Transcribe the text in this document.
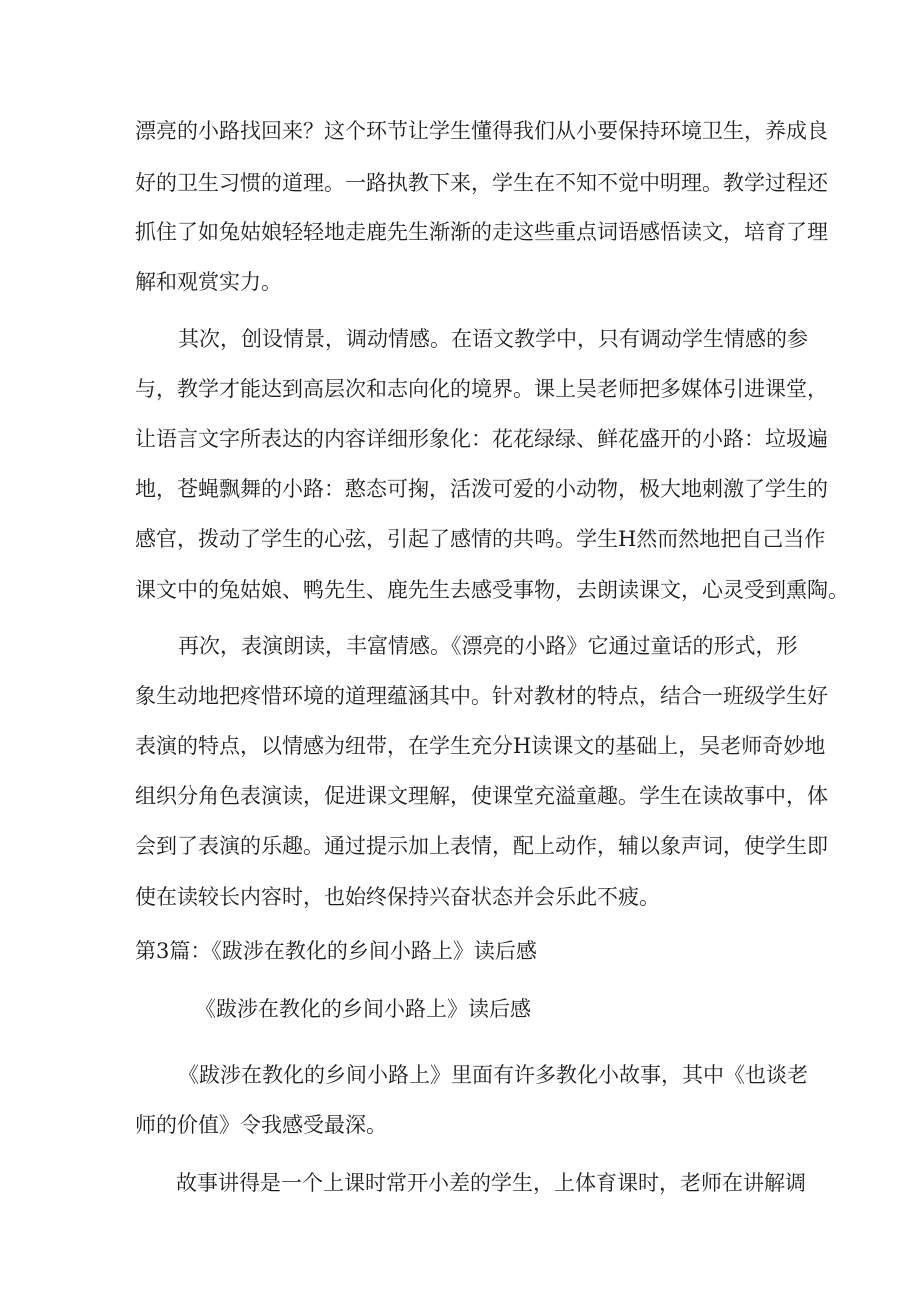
漂亮的小路找回来？这个环节让学生懂得我们从小要保持环境卫生，养成良
好的卫生习惯的道理。一路执教下来，学生在不知不觉中明理。教学过程还
抓住了如兔姑娘轻轻地走鹿先生渐渐的走这些重点词语感悟读文，培育了理
解和观赏实力。
其次，创设情景，调动情感。在语文教学中，只有调动学生情感的参
与，教学才能达到高层次和志向化的境界。课上吴老师把多媒体引进课堂，
让语言文字所表达的内容详细形象化：花花绿绿、鲜花盛开的小路：垃圾遍
地，苍蝇飘舞的小路：憨态可掬，活泼可爱的小动物，极大地刺激了学生的
感官，拨动了学生的心弦，引起了感情的共鸣。学生H然而然地把自己当作
课文中的兔姑娘、鸭先生、鹿先生去感受事物，去朗读课文，心灵受到熏陶。
再次，表演朗读，丰富情感。《漂亮的小路》它通过童话的形式，形
象生动地把疼惜环境的道理蕴涵其中。针对教材的特点，结合一班级学生好
表演的特点，以情感为纽带，在学生充分H读课文的基础上，吴老师奇妙地
组织分角色表演读，促进课文理解，使课堂充溢童趣。学生在读故事中，体
会到了表演的乐趣。通过提示加上表情，配上动作，辅以象声词，使学生即
使在读较长内容时，也始终保持兴奋状态并会乐此不疲。
第3篇：《跋涉在教化的乡间小路上》读后感
《跋涉在教化的乡间小路上》读后感
《跋涉在教化的乡间小路上》里面有许多教化小故事，其中《也谈老
师的价值》令我感受最深。
故事讲得是一个上课时常开小差的学生，上体育课时，老师在讲解调
